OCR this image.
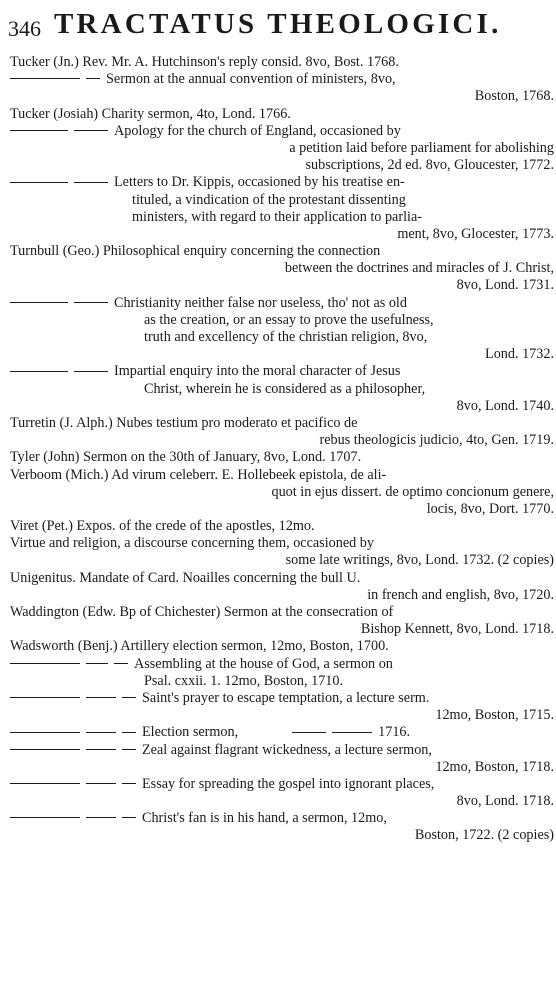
346 TRACTATUS THEOLOGICI.
Tucker (Jn.) Rev. Mr. A. Hutchinson's reply consid. 8vo, Bost. 1768.
Sermon at the annual convention of ministers, 8vo,
Boston, 1768.
Tucker (Josiah) Charity sermon, 4to, Lond. 1766.
Apology for the church of England, occasioned by
a petition laid before parliament for abolishing
subscriptions, 2d ed. 8vo, Gloucester, 1772.
Letters to Dr. Kippis, occasioned by his treatise en-
tituled, a vindication of the protestant dissenting
ministers, with regard to their application to parlia-
ment, 8vo, Glocester, 1773.
Turnbull (Geo.) Philosophical enquiry concerning the connection
between the doctrines and miracles of J. Christ,
8vo, Lond. 1731.
Christianity neither false nor useless, tho' not as old
as the creation, or an essay to prove the usefulness,
truth and excellency of the christian religion, 8vo,
Lond. 1732.
Impartial enquiry into the moral character of Jesus
Christ, wherein he is considered as a philosopher,
8vo, Lond. 1740.
Turretin (J. Alph.) Nubes testium pro moderato et pacifico de
rebus theologicis judicio, 4to, Gen. 1719.
Tyler (John) Sermon on the 30th of January, 8vo, Lond. 1707.
Verboom (Mich.) Ad virum celeberr. E. Hollebeek epistola, de ali-
quot in ejus dissert. de optimo concionum genere,
locis, 8vo, Dort. 1770.
Viret (Pet.) Expos. of the crede of the apostles, 12mo.
Virtue and religion, a discourse concerning them, occasioned by
some late writings, 8vo, Lond. 1732. (2 copies)
Unigenitus. Mandate of Card. Noailles concerning the bull U.
in french and english, 8vo, 1720.
Waddington (Edw. Bp of Chichester) Sermon at the consecration of
Bishop Kennett, 8vo, Lond. 1718.
Wadsworth (Benj.) Artillery election sermon, 12mo, Boston, 1700.
Assembling at the house of God, a sermon on
Psal. cxxii. 1. 12mo, Boston, 1710.
Saint's prayer to escape temptation, a lecture serm.
12mo, Boston, 1715.
Election sermon,	1716.
Zeal against flagrant wickedness, a lecture sermon,
12mo, Boston, 1718.
Essay for spreading the gospel into ignorant places,
8vo, Lond. 1718.
Christ's fan is in his hand, a sermon, 12mo,
Boston, 1722. (2 copies)
